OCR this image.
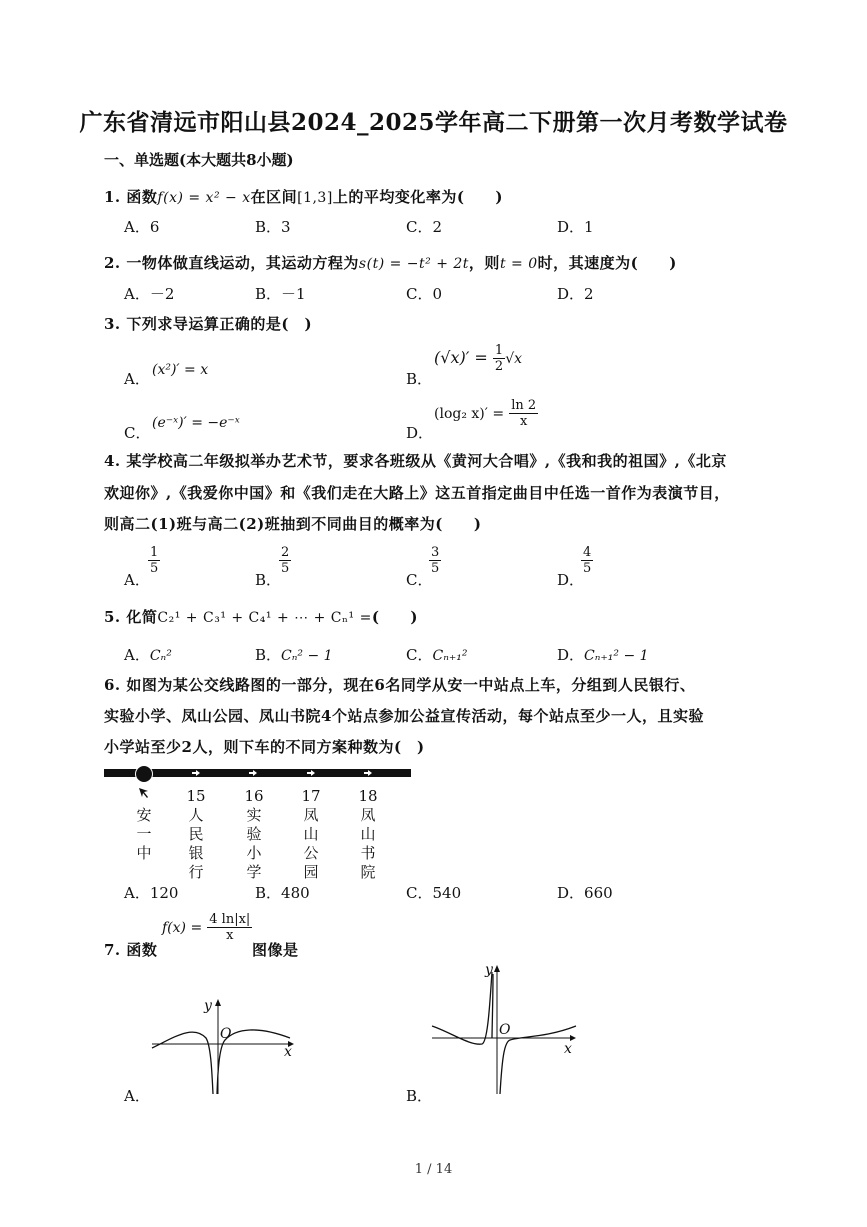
广东省清远市阳山县2024_2025学年高二下册第一次月考数学试卷
一、单选题(本大题共8小题)
1. 函数f(x) = x² − x在区间[1,3]上的平均变化率为(　　)
A．6	B．3	C．2	D．1
2. 一物体做直线运动，其运动方程为s(t) = −t² + 2t，则t = 0时，其速度为(　　)
A．－2	B．－1	C．0	D．2
3. 下列求导运算正确的是(　)
A． (x²)′ = x	B．
$(√x)' = \frac{1}{2} √x$
C．
(e⁻ˣ)′ = −e⁻ˣ
D．
(log₂ $x)' = \frac{\ln 2}{x}$
4. 某学校高二年级拟举办艺术节，要求各班级从《黄河大合唱》,《我和我的祖国》,《北京
欢迎你》,《我爱你中国》和《我们走在大路上》这五首指定曲目中任选一首作为表演节目，
则高二(1)班与高二(2)班抽到不同曲目的概率为(　　)
A．
$\frac{1}{5}$
B．
$\frac{2}{5}$
C．
$\frac{3}{5}$
D．
$\frac{4}{5}$
5. 化简C₂¹ + C₃¹ + C₄¹ + ⋯ + Cₙ¹ =(　　)
A．Cₙ²	B．Cₙ² − 1	C．Cₙ₊₁²	D．Cₙ₊₁² − 1
6. 如图为某公交线路图的一部分，现在6名同学从安一中站点上车，分组到人民银行、
实验小学、凤山公园、凤山书院4个站点参加公益宣传活动，每个站点至少一人，且实验
小学站至少2人，则下车的不同方案种数为(　)
安
一
中
15
人
民
银
行
16
实
验
小
学
17
凤
山
公
园
18
凤
山
书
院
A．120	B．480	C．540	D．660
7. 函数
$f(x) = \frac{4 \ln|x|}{x}$
图像是
y
O
x
A．
y
O
x
B．
1 / 14
